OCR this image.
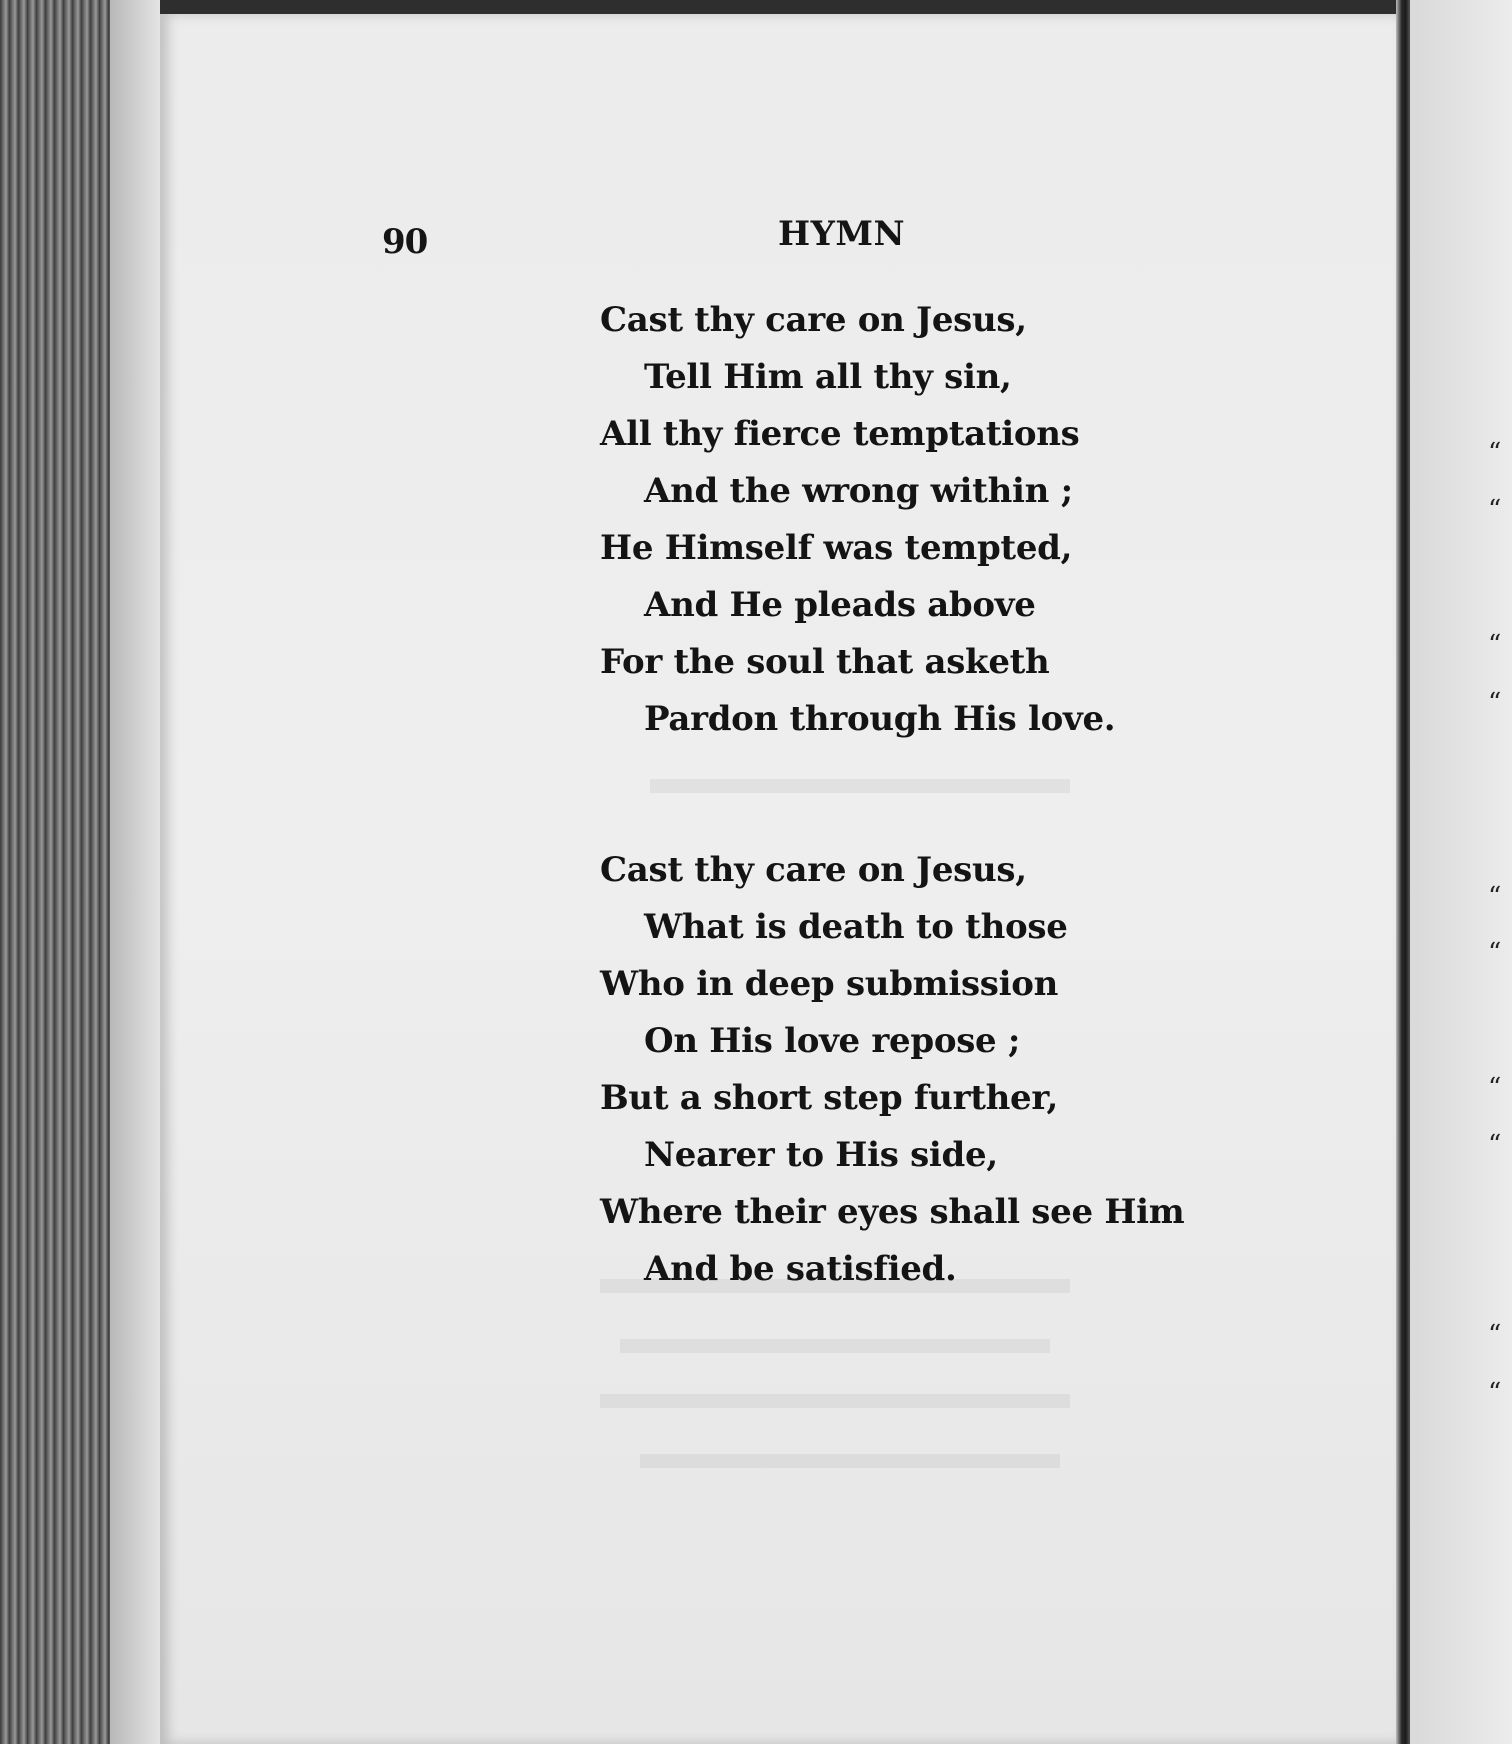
90	HYMN
Cast thy care on Jesus,
Tell Him all thy sin,
All thy fierce temptations
And the wrong within ;
He Himself was tempted,
And He pleads above
For the soul that asketh
Pardon through His love.
Cast thy care on Jesus,
What is death to those
Who in deep submission
On His love repose ;
But a short step further,
Nearer to His side,
Where their eyes shall see Him
And be satisfied.
“
“
“
“
“
“
“
“
“
“
